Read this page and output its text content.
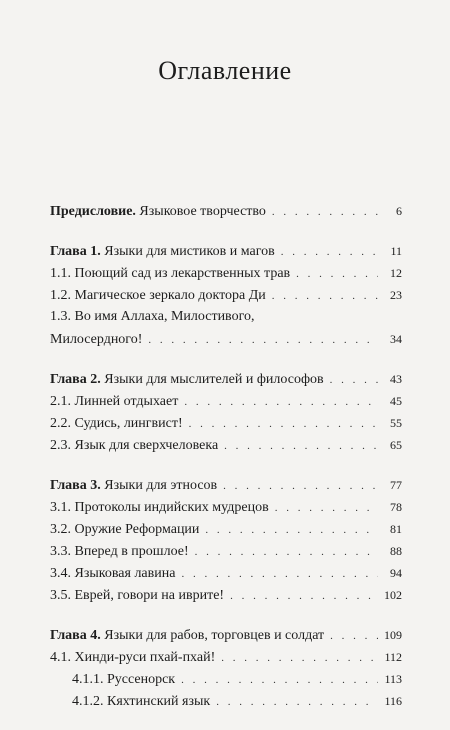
Оглавление
Предисловие. Языковое творчество . . .	6
Глава 1. Языки для мистиков и магов . . .	11
1.1. Поющий сад из лекарственных трав . . .	12
1.2. Магическое зеркало доктора Ди . . .	23
1.3. Во имя Аллаха, Милостивого,
Милосердного! . . .	34
Глава 2. Языки для мыслителей и философов . . .	43
2.1. Линней отдыхает . . .	45
2.2. Судись, лингвист! . . .	55
2.3. Язык для сверхчеловека . . .	65
Глава 3. Языки для этносов . . .	77
3.1. Протоколы индийских мудрецов . . .	78
3.2. Оружие Реформации . . .	81
3.3. Вперед в прошлое! . . .	88
3.4. Языковая лавина . . .	94
3.5. Еврей, говори на иврите! . . .	102
Глава 4. Языки для рабов, торговцев и солдат . . .	109
4.1. Хинди-руси пхай-пхай! . . .	112
4.1.1. Руссенорск . . .	113
4.1.2. Кяхтинский язык . . .	116
